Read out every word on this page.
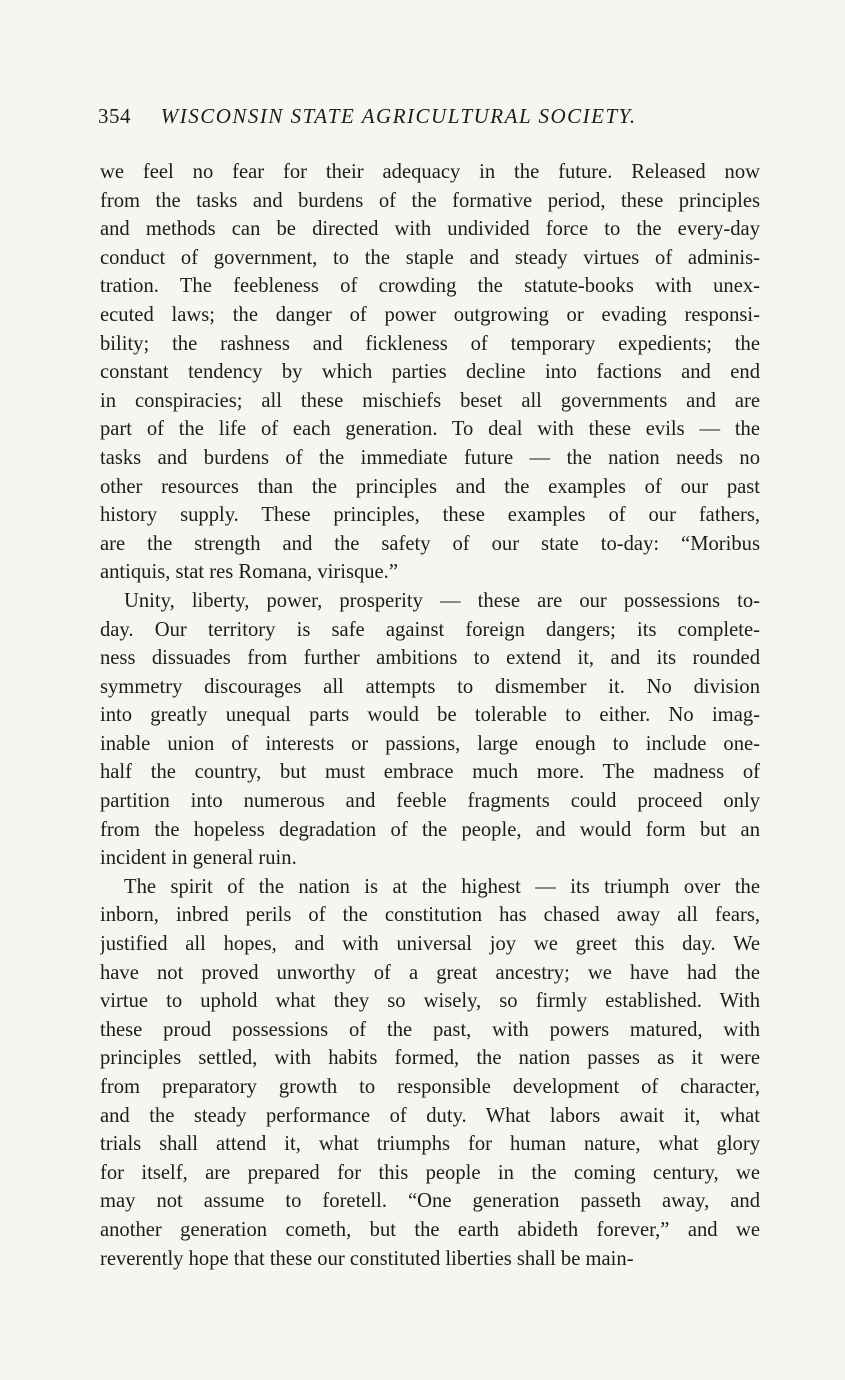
354 WISCONSIN STATE AGRICULTURAL SOCIETY.
we feel no fear for their adequacy in the future. Released now
from the tasks and burdens of the formative period, these principles
and methods can be directed with undivided force to the every-day
conduct of government, to the staple and steady virtues of adminis-
tration. The feebleness of crowding the statute-books with unex-
ecuted laws; the danger of power outgrowing or evading responsi-
bility; the rashness and fickleness of temporary expedients; the
constant tendency by which parties decline into factions and end
in conspiracies; all these mischiefs beset all governments and are
part of the life of each generation. To deal with these evils — the
tasks and burdens of the immediate future — the nation needs no
other resources than the principles and the examples of our past
history supply. These principles, these examples of our fathers,
are the strength and the safety of our state to-day: “Moribus
antiquis, stat res Romana, virisque.”
Unity, liberty, power, prosperity — these are our possessions to-
day. Our territory is safe against foreign dangers; its complete-
ness dissuades from further ambitions to extend it, and its rounded
symmetry discourages all attempts to dismember it. No division
into greatly unequal parts would be tolerable to either. No imag-
inable union of interests or passions, large enough to include one-
half the country, but must embrace much more. The madness of
partition into numerous and feeble fragments could proceed only
from the hopeless degradation of the people, and would form but an
incident in general ruin.
The spirit of the nation is at the highest — its triumph over the
inborn, inbred perils of the constitution has chased away all fears,
justified all hopes, and with universal joy we greet this day. We
have not proved unworthy of a great ancestry; we have had the
virtue to uphold what they so wisely, so firmly established. With
these proud possessions of the past, with powers matured, with
principles settled, with habits formed, the nation passes as it were
from preparatory growth to responsible development of character,
and the steady performance of duty. What labors await it, what
trials shall attend it, what triumphs for human nature, what glory
for itself, are prepared for this people in the coming century, we
may not assume to foretell. “One generation passeth away, and
another generation cometh, but the earth abideth forever,” and we
reverently hope that these our constituted liberties shall be main-
